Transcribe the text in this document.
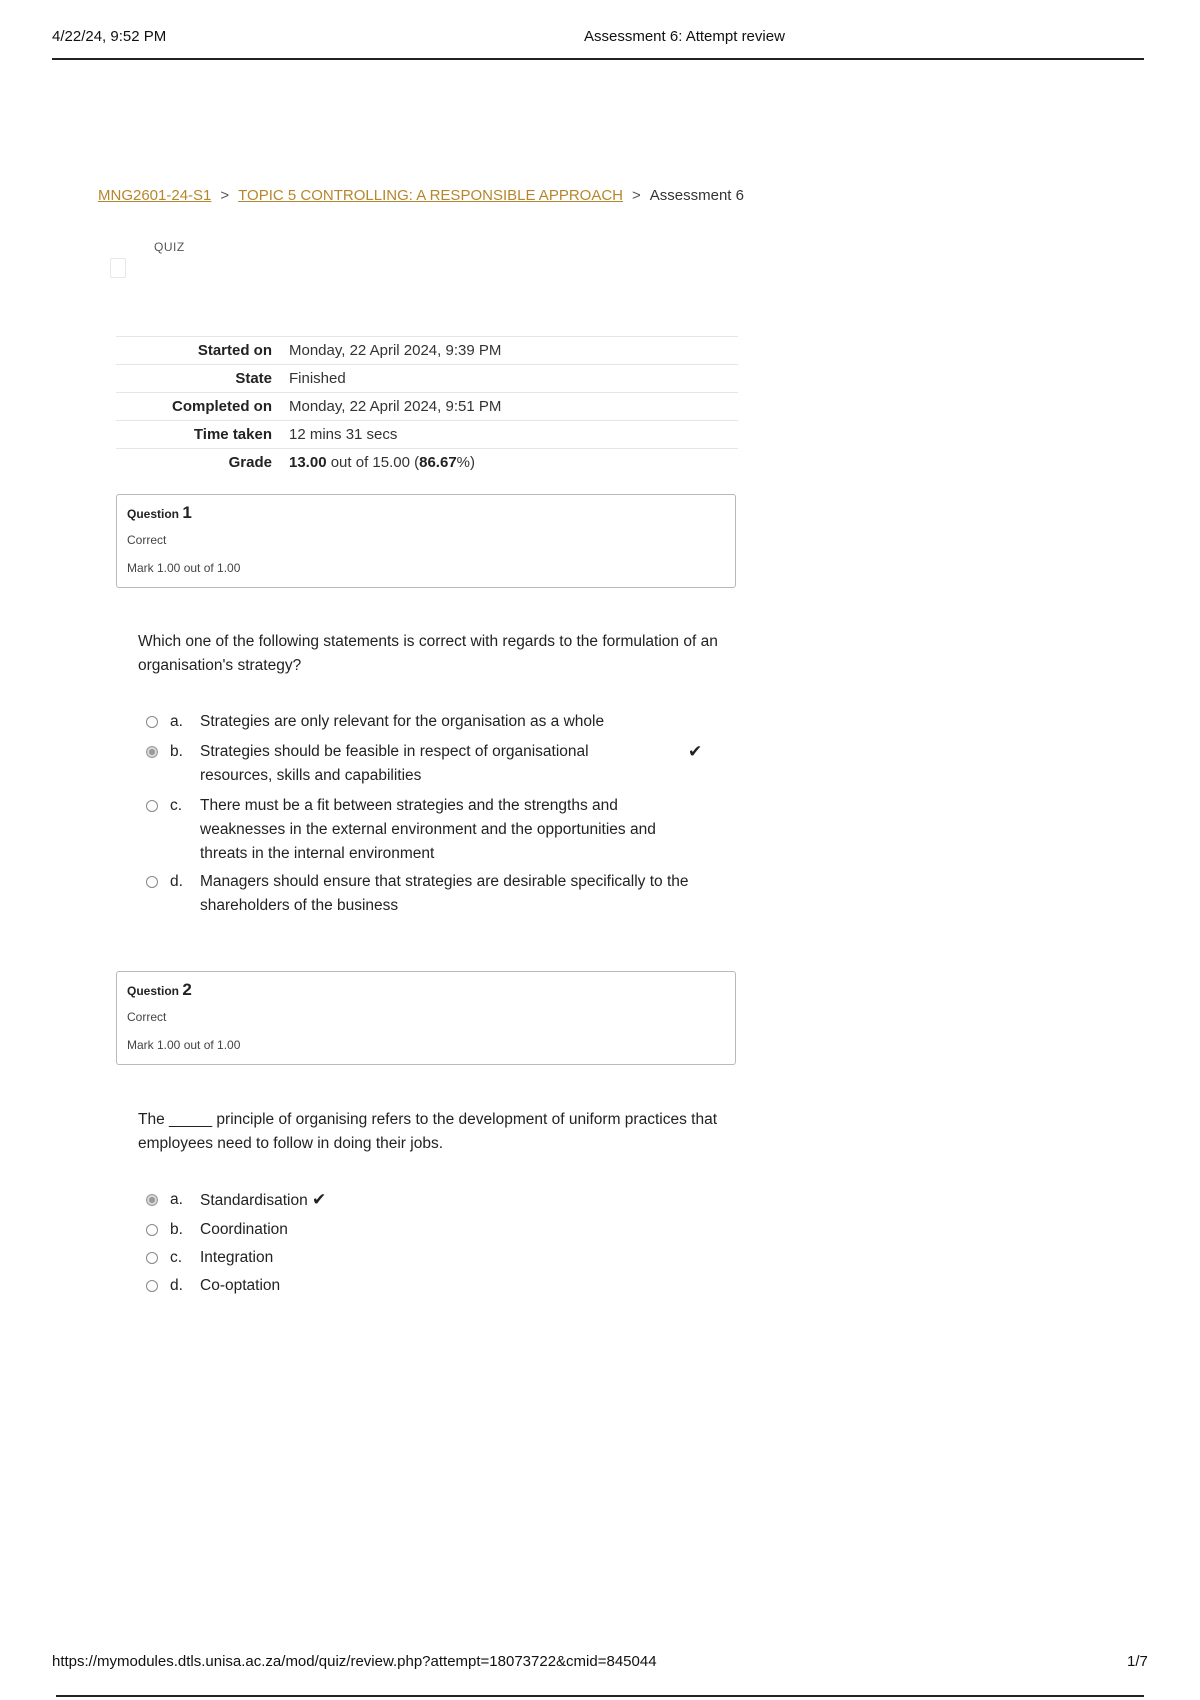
4/22/24, 9:52 PM	Assessment 6: Attempt review
MNG2601-24-S1 > TOPIC 5 CONTROLLING: A RESPONSIBLE APPROACH > Assessment 6
QUIZ
Started on	Monday, 22 April 2024, 9:39 PM
State	Finished
Completed on	Monday, 22 April 2024, 9:51 PM
Time taken	12 mins 31 secs
Grade	13.00 out of 15.00 (86.67%)
Question 1
Correct
Mark 1.00 out of 1.00
Which one of the following statements is correct with regards to the formulation of an organisation's strategy?
a. Strategies are only relevant for the organisation as a whole
b. Strategies should be feasible in respect of organisational resources, skills and capabilities
✔
c. There must be a fit between strategies and the strengths and weaknesses in the external environment and the opportunities and threats in the internal environment
d. Managers should ensure that strategies are desirable specifically to the shareholders of the business
Question 2
Correct
Mark 1.00 out of 1.00
The _____ principle of organising refers to the development of uniform practices that employees need to follow in doing their jobs.
a. Standardisation ✔
b. Coordination
c. Integration
d. Co-optation
https://mymodules.dtls.unisa.ac.za/mod/quiz/review.php?attempt=18073722&cmid=845044	1/7
